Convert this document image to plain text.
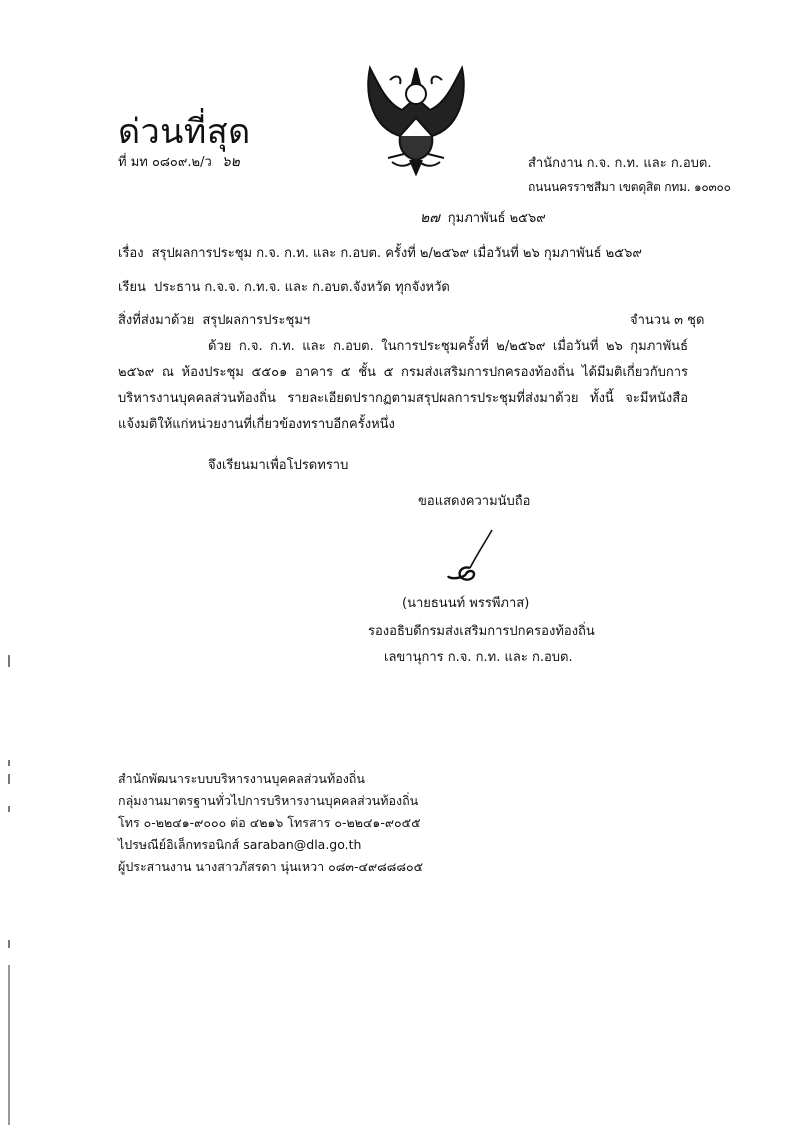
ด่วนที่สุด
ที่ มท ๐๘๐๙.๒/ว ๖๒	สำนักงาน ก.จ. ก.ท. และ ก.อบต.
ถนนนครราชสีมา เขตดุสิต กทม. ๑๐๓๐๐
๒๗ กุมภาพันธ์ ๒๕๖๙
เรื่อง สรุปผลการประชุม ก.จ. ก.ท. และ ก.อบต. ครั้งที่ ๒/๒๕๖๙ เมื่อวันที่ ๒๖ กุมภาพันธ์ ๒๕๖๙
เรียน ประธาน ก.จ.จ. ก.ท.จ. และ ก.อบต.จังหวัด ทุกจังหวัด
สิ่งที่ส่งมาด้วย สรุปผลการประชุมฯ	จำนวน ๓ ชุด

ด้วย ก.จ. ก.ท. และ ก.อบต. ในการประชุมครั้งที่ ๒/๒๕๖๙ เมื่อวันที่ ๒๖ กุมภาพันธ์ ๒๕๖๙ ณ ห้องประชุม ๕๕๐๑ อาคาร ๕ ชั้น ๕ กรมส่งเสริมการปกครองท้องถิ่น ได้มีมติเกี่ยวกับการบริหารงานบุคคลส่วนท้องถิ่น รายละเอียดปรากฏตามสรุปผลการประชุมที่ส่งมาด้วย ทั้งนี้ จะมีหนังสือแจ้งมติให้แก่หน่วยงานที่เกี่ยวข้องทราบอีกครั้งหนึ่ง

จึงเรียนมาเพื่อโปรดทราบ
ขอแสดงความนับถือ
(นายธนนท์ พรรพีภาส)
รองอธิบดีกรมส่งเสริมการปกครองท้องถิ่น
เลขานุการ ก.จ. ก.ท. และ ก.อบต.
สำนักพัฒนาระบบบริหารงานบุคคลส่วนท้องถิ่น
กลุ่มงานมาตรฐานทั่วไปการบริหารงานบุคคลส่วนท้องถิ่น
โทร ๐-๒๒๔๑-๙๐๐๐ ต่อ ๔๒๑๖ โทรสาร ๐-๒๒๔๑-๙๐๕๕
ไปรษณีย์อิเล็กทรอนิกส์ saraban@dla.go.th
ผู้ประสานงาน นางสาวภัสรดา นุ่นเหวา ๐๘๓-๔๙๘๘๘๐๕
